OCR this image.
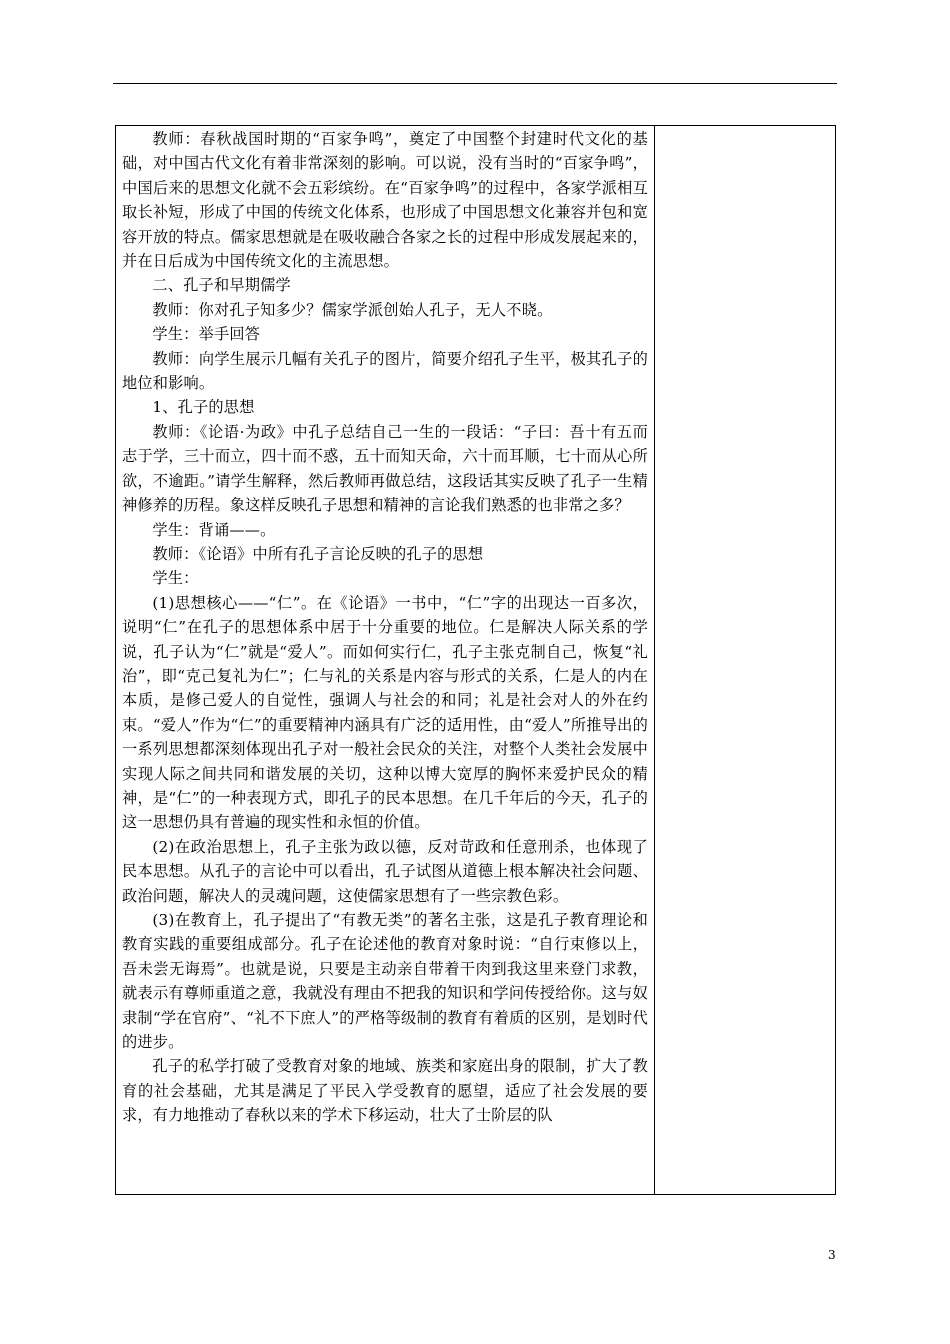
教师：春秋战国时期的“百家争鸣”，奠定了中国整个封建时代文化的基础，对中国古代文化有着非常深刻的影响。可以说，没有当时的“百家争鸣”，中国后来的思想文化就不会五彩缤纷。在“百家争鸣”的过程中，各家学派相互取长补短，形成了中国的传统文化体系，也形成了中国思想文化兼容并包和宽容开放的特点。儒家思想就是在吸收融合各家之长的过程中形成发展起来的，并在日后成为中国传统文化的主流思想。

二、孔子和早期儒学

教师：你对孔子知多少？儒家学派创始人孔子，无人不晓。

学生：举手回答

教师：向学生展示几幅有关孔子的图片，简要介绍孔子生平，极其孔子的地位和影响。

1、孔子的思想

教师：《论语·为政》中孔子总结自己一生的一段话：“子曰：吾十有五而志于学，三十而立，四十而不惑，五十而知天命，六十而耳顺，七十而从心所欲，不逾距。”请学生解释，然后教师再做总结，这段话其实反映了孔子一生精神修养的历程。象这样反映孔子思想和精神的言论我们熟悉的也非常之多？

学生：背诵——。

教师：《论语》中所有孔子言论反映的孔子的思想

学生：

(1)思想核心——“仁”。在《论语》一书中，“仁”字的出现达一百多次，说明“仁”在孔子的思想体系中居于十分重要的地位。仁是解决人际关系的学说，孔子认为“仁”就是“爱人”。而如何实行仁，孔子主张克制自己，恢复“礼治”，即“克己复礼为仁”；仁与礼的关系是内容与形式的关系，仁是人的内在本质，是修己爱人的自觉性，强调人与社会的和同；礼是社会对人的外在约束。“爱人”作为“仁”的重要精神内涵具有广泛的适用性，由“爱人”所推导出的一系列思想都深刻体现出孔子对一般社会民众的关注，对整个人类社会发展中实现人际之间共同和谐发展的关切，这种以博大宽厚的胸怀来爱护民众的精神，是“仁”的一种表现方式，即孔子的民本思想。在几千年后的今天，孔子的这一思想仍具有普遍的现实性和永恒的价值。

(2)在政治思想上，孔子主张为政以德，反对苛政和任意刑杀，也体现了民本思想。从孔子的言论中可以看出，孔子试图从道德上根本解决社会问题、政治问题，解决人的灵魂问题，这使儒家思想有了一些宗教色彩。

(3)在教育上，孔子提出了“有教无类”的著名主张，这是孔子教育理论和教育实践的重要组成部分。孔子在论述他的教育对象时说：“自行束修以上，吾未尝无诲焉”。也就是说，只要是主动亲自带着干肉到我这里来登门求教，就表示有尊师重道之意，我就没有理由不把我的知识和学问传授给你。这与奴隶制“学在官府”、“礼不下庶人”的严格等级制的教育有着质的区别，是划时代的进步。

孔子的私学打破了受教育对象的地域、族类和家庭出身的限制，扩大了教育的社会基础，尤其是满足了平民入学受教育的愿望，适应了社会发展的要求，有力地推动了春秋以来的学术下移运动，壮大了士阶层的队

3
